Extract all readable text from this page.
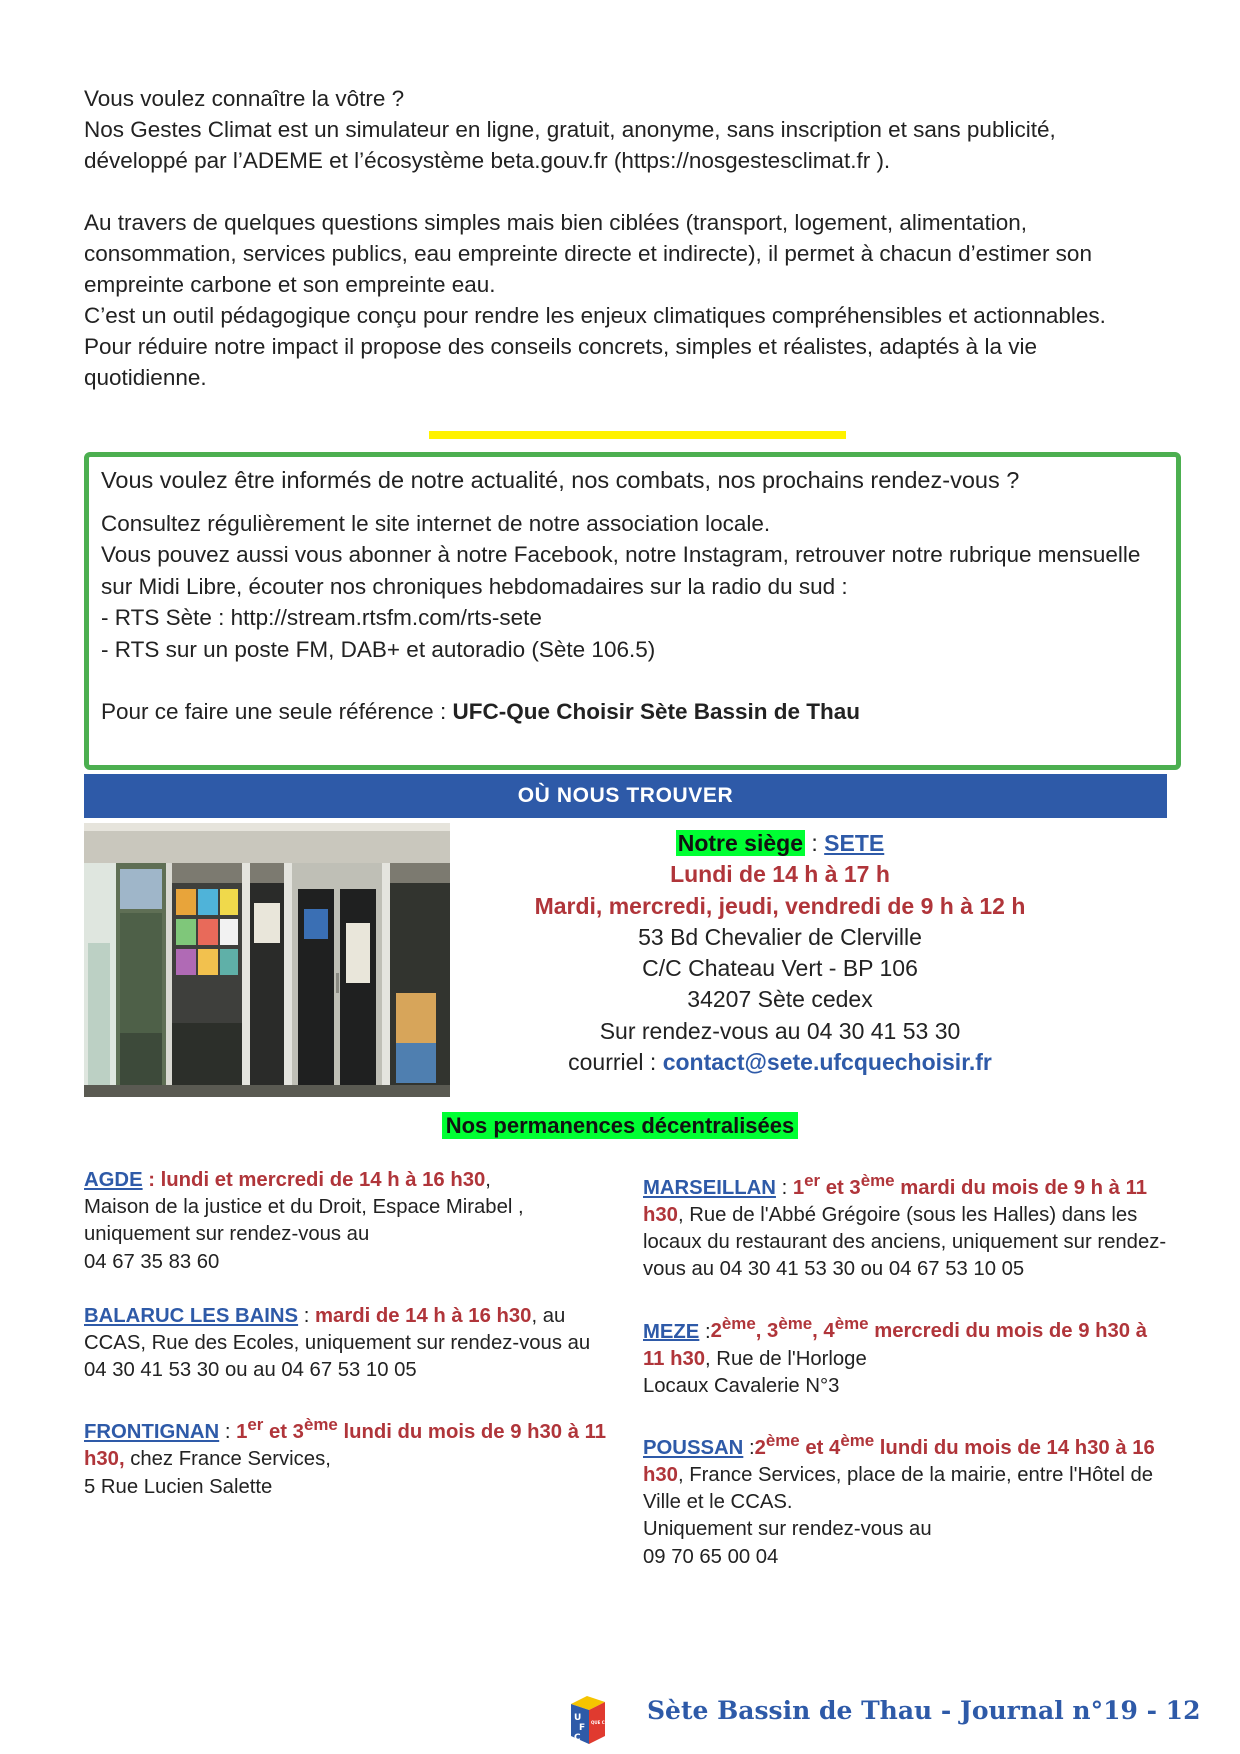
Vous voulez connaître la vôtre ?

Nos Gestes Climat est un simulateur en ligne, gratuit, anonyme, sans inscription et sans publicité, développé par l’ADEME et l’écosystème beta.gouv.fr (https://nosgestesclimat.fr ).

Au travers de quelques questions simples mais bien ciblées (transport, logement, alimentation, consommation, services publics, eau empreinte directe et indirecte), il permet à chacun d’estimer son empreinte carbone et son empreinte eau.

C’est un outil pédagogique conçu pour rendre les enjeux climatiques compréhensibles et actionnables. Pour réduire notre impact il propose des conseils concrets, simples et réalistes, adaptés à la vie quotidienne.

Vous voulez être informés de notre actualité, nos combats, nos prochains rendez-vous ?

Consultez régulièrement le site internet de notre association locale.

Vous pouvez aussi vous abonner à notre Facebook, notre Instagram, retrouver notre rubrique mensuelle sur Midi Libre, écouter nos chroniques hebdomadaires sur la radio du sud :

- RTS Sète : http://stream.rtsfm.com/rts-sete

- RTS sur un poste FM, DAB+ et autoradio (Sète 106.5)

Pour ce faire une seule référence : UFC-Que Choisir Sète Bassin de Thau

OÙ NOUS TROUVER

Notre siège : SETE

Lundi de 14 h à 17 h

Mardi, mercredi, jeudi, vendredi de 9 h à 12 h

53 Bd Chevalier de Clerville

C/C Chateau Vert - BP 106

34207 Sète cedex

Sur rendez-vous au 04 30 41 53 30

courriel : contact@sete.ufcquechoisir.fr

Nos permanences décentralisées

AGDE : lundi et mercredi de 14 h à 16 h30,

Maison de la justice et du Droit, Espace Mirabel ,

uniquement sur rendez-vous au

04 67 35 83 60

BALARUC LES BAINS : mardi de 14 h à 16 h30, au CCAS, Rue des Ecoles, uniquement sur rendez-vous au

04 30 41 53 30 ou au 04 67 53 10 05

FRONTIGNAN : 1er et 3ème lundi du mois de 9 h30 à 11 h30, chez France Services,

5 Rue Lucien Salette

MARSEILLAN : 1er et 3ème mardi du mois de 9 h à 11 h30, Rue de l'Abbé Grégoire (sous les Halles) dans les locaux du restaurant des anciens, uniquement sur rendez-vous au 04 30 41 53 30 ou 04 67 53 10 05

MEZE :2ème, 3ème, 4ème mercredi du mois de 9 h30 à 11 h30, Rue de l'Horloge

Locaux Cavalerie N°3

POUSSAN :2ème et 4ème lundi du mois de 14 h30 à 16 h30, France Services, place de la mairie, entre l'Hôtel de Ville et le CCAS.

Uniquement sur rendez-vous au

09 70 65 00 04

U
F
C
QUE CHOISIR Sète Bassin de Thau - Journal n°19 - 12
